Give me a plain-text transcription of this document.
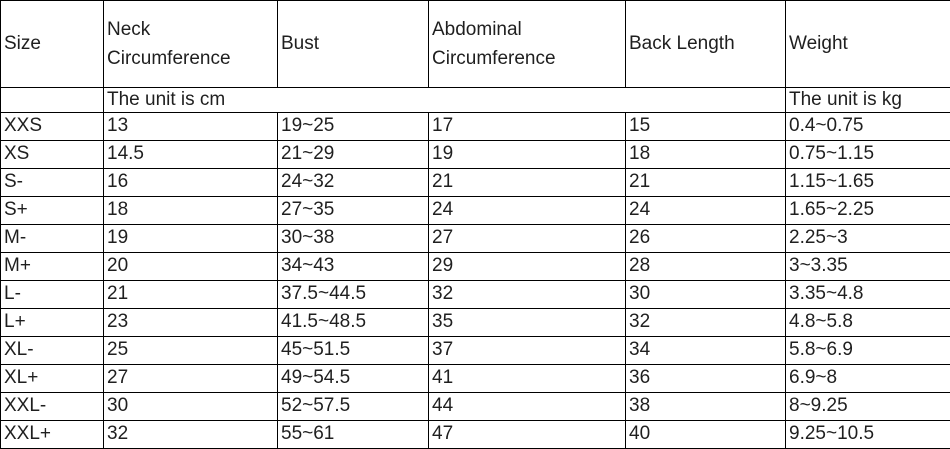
Size	Neck Circumference	Bust	Abdominal Circumference	Back Length	Weight
	The unit is cm				The unit is kg
XXS	13	19~25	17	15	0.4~0.75
XS	14.5	21~29	19	18	0.75~1.15
S-	16	24~32	21	21	1.15~1.65
S+	18	27~35	24	24	1.65~2.25
M-	19	30~38	27	26	2.25~3
M+	20	34~43	29	28	3~3.35
L-	21	37.5~44.5	32	30	3.35~4.8
L+	23	41.5~48.5	35	32	4.8~5.8
XL-	25	45~51.5	37	34	5.8~6.9
XL+	27	49~54.5	41	36	6.9~8
XXL-	30	52~57.5	44	38	8~9.25
XXL+	32	55~61	47	40	9.25~10.5
